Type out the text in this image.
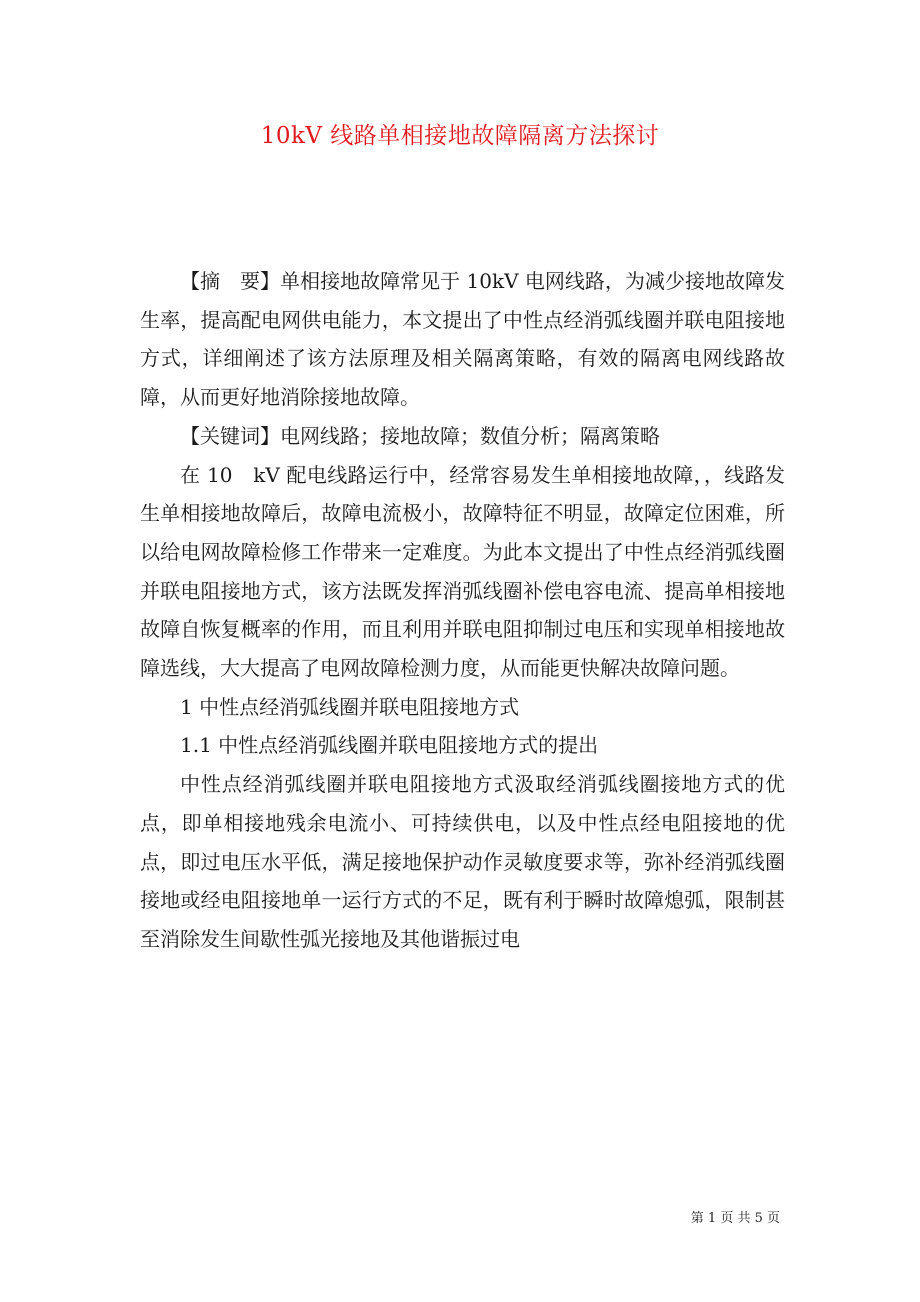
10kV 线路单相接地故障隔离方法探讨

【摘　要】单相接地故障常见于 10kV 电网线路，为减少接地故障发生率，提高配电网供电能力，本文提出了中性点经消弧线圈并联电阻接地方式，详细阐述了该方法原理及相关隔离策略，有效的隔离电网线路故障，从而更好地消除接地故障。

【关键词】电网线路；接地故障；数值分析；隔离策略

在 10　kV 配电线路运行中，经常容易发生单相接地故障，，线路发生单相接地故障后，故障电流极小，故障特征不明显，故障定位困难，所以给电网故障检修工作带来一定难度。为此本文提出了中性点经消弧线圈并联电阻接地方式，该方法既发挥消弧线圈补偿电容电流、提高单相接地故障自恢复概率的作用，而且利用并联电阻抑制过电压和实现单相接地故障选线，大大提高了电网故障检测力度，从而能更快解决故障问题。

1 中性点经消弧线圈并联电阻接地方式

1.1 中性点经消弧线圈并联电阻接地方式的提出

中性点经消弧线圈并联电阻接地方式汲取经消弧线圈接地方式的优点，即单相接地残余电流小、可持续供电，以及中性点经电阻接地的优点，即过电压水平低，满足接地保护动作灵敏度要求等，弥补经消弧线圈接地或经电阻接地单一运行方式的不足，既有利于瞬时故障熄弧，限制甚至消除发生间歇性弧光接地及其他谐振过电

第 1 页 共 5 页
